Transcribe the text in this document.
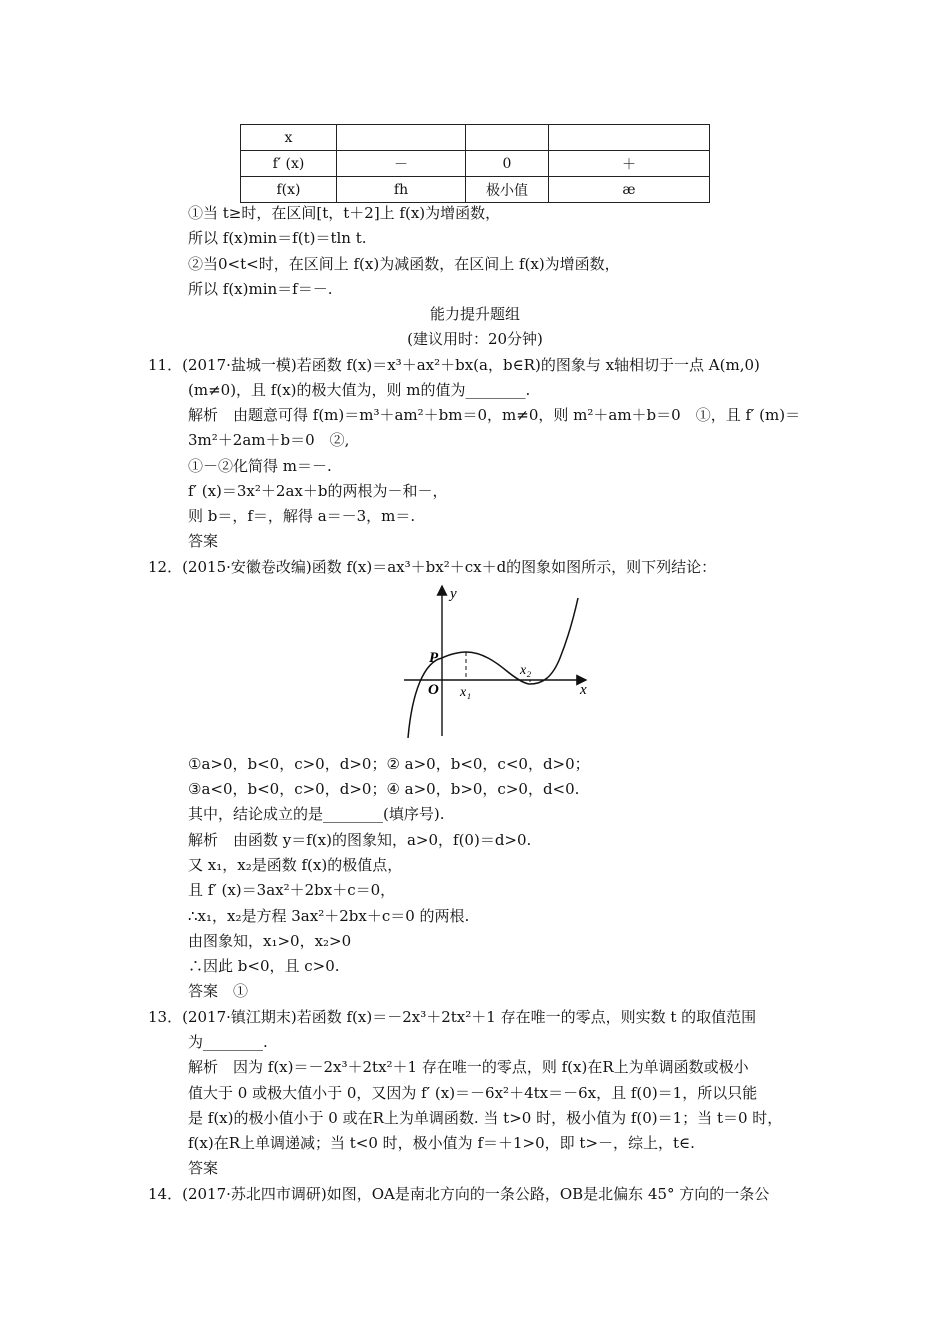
x			
f′ (x)	－	0	＋
f(x)	fh	极小值	æ
①当 t≥时，在区间[t，t＋2]上 f(x)为增函数，
所以 f(x)min＝f(t)＝tln t.
②当0<t<时，在区间上 f(x)为减函数，在区间上 f(x)为增函数，
所以 f(x)min＝f＝－.
能力提升题组
(建议用时：20分钟)
11．(2017·盐城一模)若函数 f(x)＝x³＋ax²＋bx(a，b∈R)的图象与 x轴相切于一点 A(m,0)
(m≠0)，且 f(x)的极大值为，则 m的值为________.
解析　由题意可得 f(m)＝m³＋am²＋bm＝0，m≠0，则 m²＋am＋b＝0　①，且 f′ (m)＝
3m²＋2am＋b＝0　②,
①－②化简得 m＝－.
f′ (x)＝3x²＋2ax＋b的两根为－和－，
则 b＝，f＝，解得 a＝－3，m＝.
答案
12．(2015·安徽卷改编)函数 f(x)＝ax³＋bx²＋cx＋d的图象如图所示，则下列结论：
y
x
O
P
x₁
x₂
①a>0，b<0，c>0，d>0；② a>0，b<0，c<0，d>0；
③a<0，b<0，c>0，d>0；④ a>0，b>0，c>0，d<0.
其中，结论成立的是________(填序号).
解析　由函数 y＝f(x)的图象知，a>0，f(0)＝d>0.
又 x₁，x₂是函数 f(x)的极值点，
且 f′ (x)＝3ax²＋2bx＋c＝0，
∴x₁，x₂是方程 3ax²＋2bx＋c＝0 的两根.
由图象知，x₁>0，x₂>0
∴因此 b<0，且 c>0.
答案　①
13．(2017·镇江期末)若函数 f(x)＝－2x³＋2tx²＋1 存在唯一的零点，则实数 t 的取值范围
为________.
解析　因为 f(x)＝－2x³＋2tx²＋1 存在唯一的零点，则 f(x)在R上为单调函数或极小
值大于 0 或极大值小于 0，又因为 f′ (x)＝－6x²＋4tx＝－6x，且 f(0)＝1，所以只能
是 f(x)的极小值小于 0 或在R上为单调函数. 当 t>0 时，极小值为 f(0)＝1；当 t＝0 时，
f(x)在R上单调递减；当 t<0 时，极小值为 f＝＋1>0，即 t>－，综上，t∈.
答案
14．(2017·苏北四市调研)如图，OA是南北方向的一条公路，OB是北偏东 45° 方向的一条公
